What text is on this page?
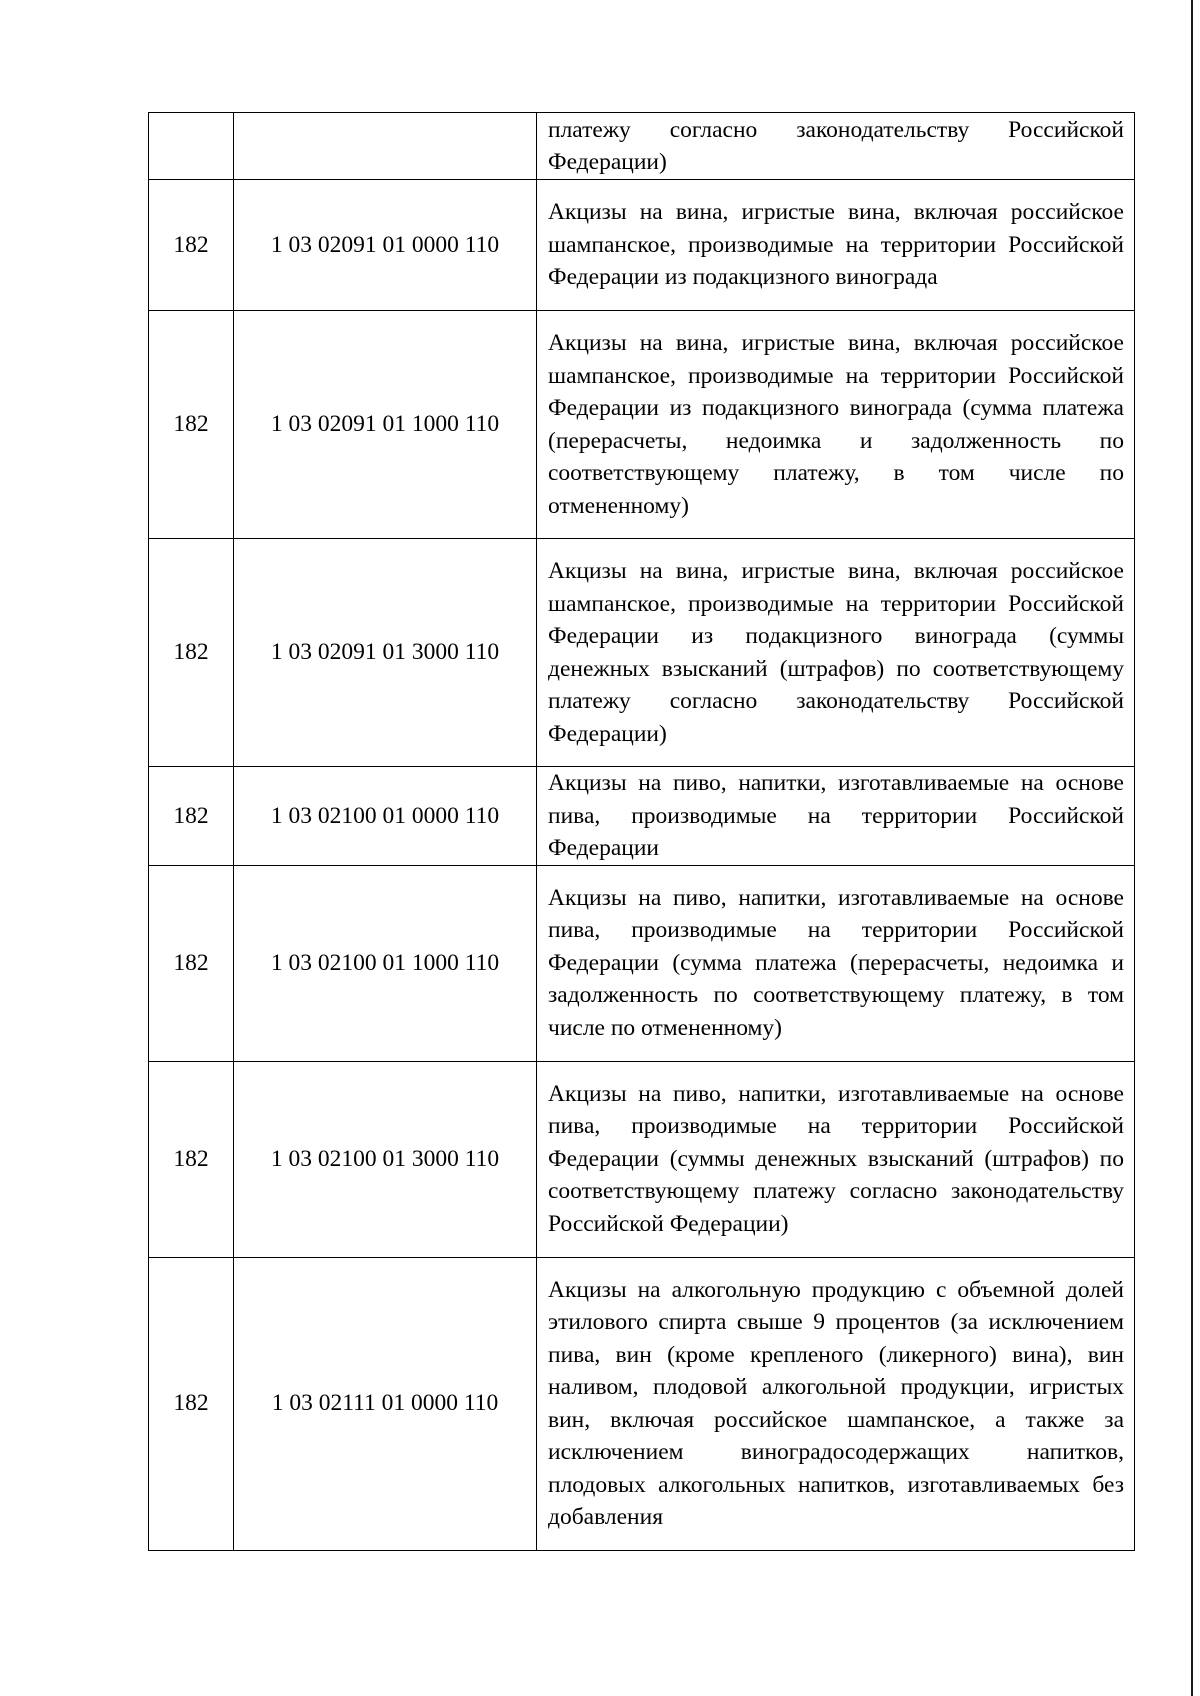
		платежу согласно законодательству Российской Федерации)
182	1 03 02091 01 0000 110	Акцизы на вина, игристые вина, включая российское шампанское, производимые на территории Российской Федерации из подакцизного винограда
182	1 03 02091 01 1000 110	Акцизы на вина, игристые вина, включая российское шампанское, производимые на территории Российской Федерации из подакцизного винограда (сумма платежа (перерасчеты, недоимка и задолженность по соответствующему платежу, в том числе по отмененному)
182	1 03 02091 01 3000 110	Акцизы на вина, игристые вина, включая российское шампанское, производимые на территории Российской Федерации из подакцизного винограда (суммы денежных взысканий (штрафов) по соответствующему платежу согласно законодательству Российской Федерации)
182	1 03 02100 01 0000 110	Акцизы на пиво, напитки, изготавливаемые на основе пива, производимые на территории Российской Федерации
182	1 03 02100 01 1000 110	Акцизы на пиво, напитки, изготавливаемые на основе пива, производимые на территории Российской Федерации (сумма платежа (перерасчеты, недоимка и задолженность по соответствующему платежу, в том числе по отмененному)
182	1 03 02100 01 3000 110	Акцизы на пиво, напитки, изготавливаемые на основе пива, производимые на территории Российской Федерации (суммы денежных взысканий (штрафов) по соответствующему платежу согласно законодательству Российской Федерации)
182	1 03 02111 01 0000 110	Акцизы на алкогольную продукцию с объемной долей этилового спирта свыше 9 процентов (за исключением пива, вин (кроме крепленого (ликерного) вина), вин наливом, плодовой алкогольной продукции, игристых вин, включая российское шампанское, а также за исключением виноградосодержащих напитков, плодовых алкогольных напитков, изготавливаемых без добавления
